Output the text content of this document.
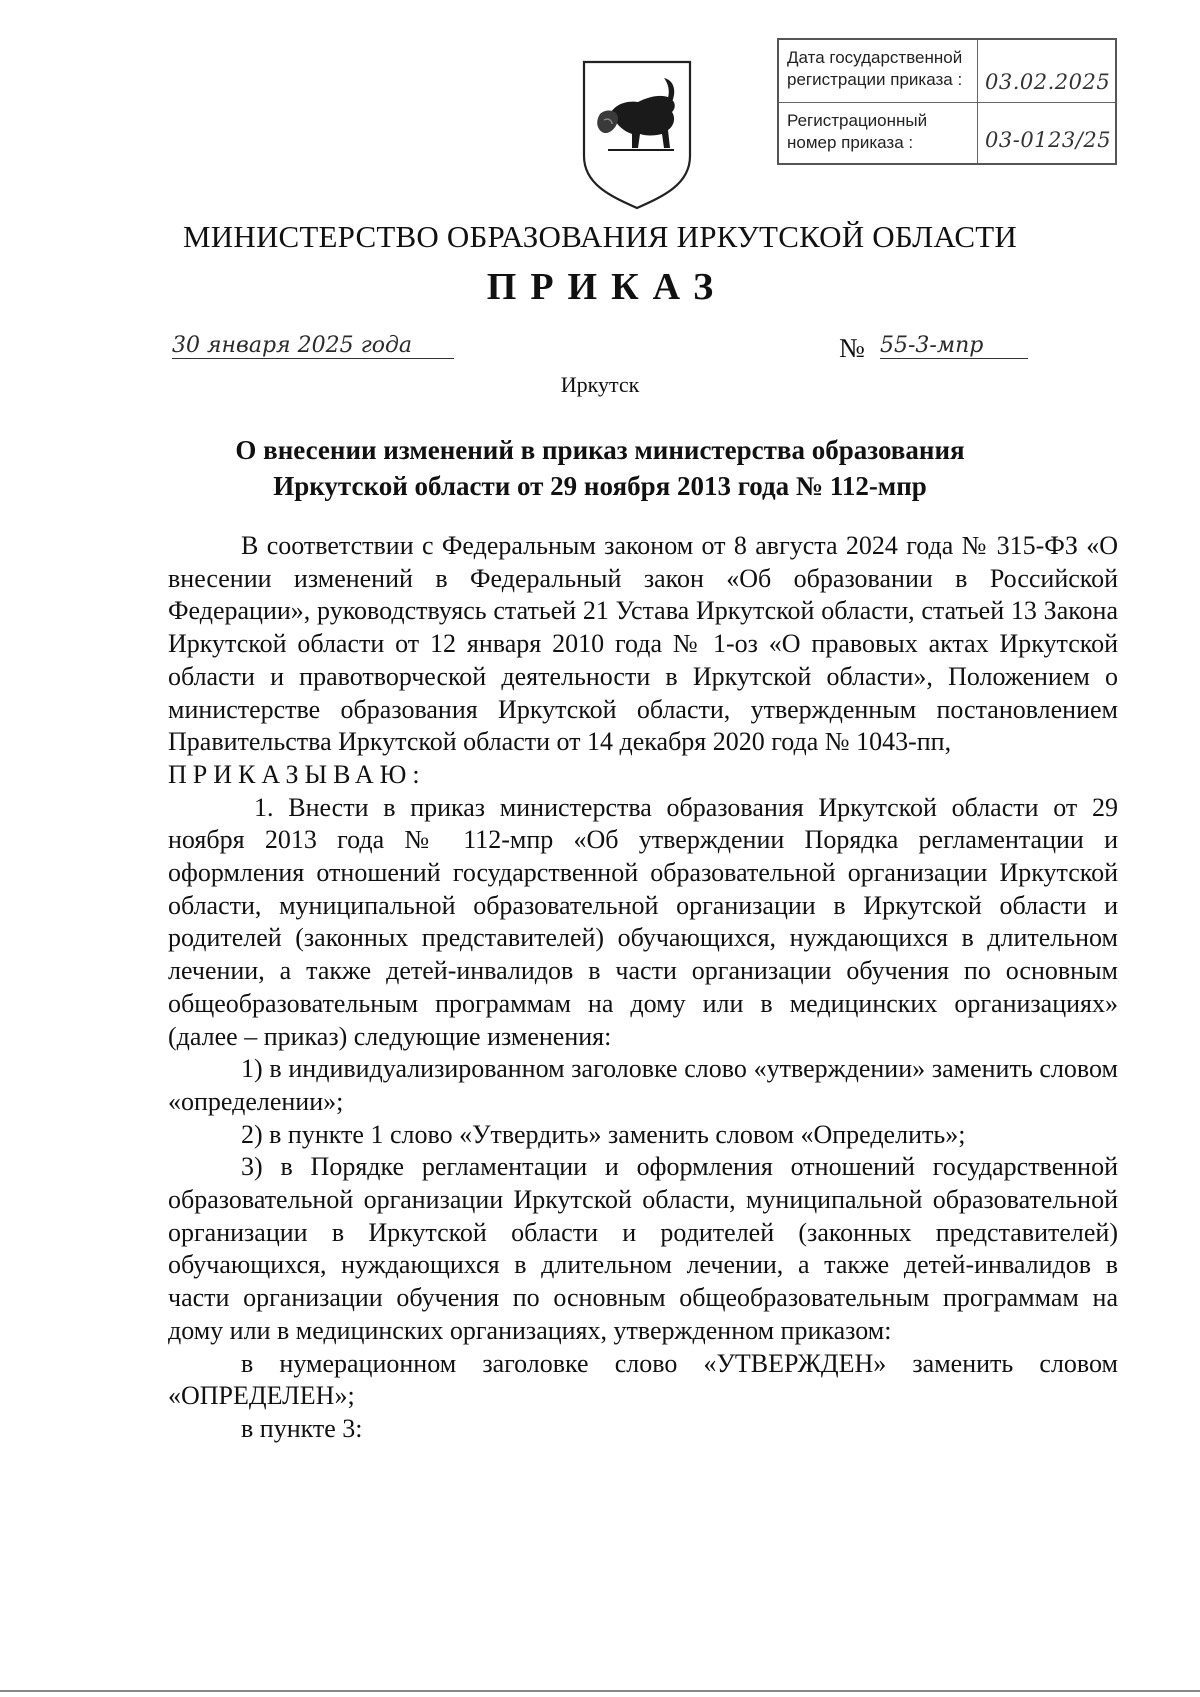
Дата государственной регистрации приказа :
Регистрационный номер приказа :
03.02.2025
03-0123/25
МИНИСТЕРСТВО ОБРАЗОВАНИЯ ИРКУТСКОЙ ОБЛАСТИ
ПРИКАЗ
30 января 2025 года	№ 55-3-мпр
Иркутск
О внесении изменений в приказ министерства образования Иркутской области от 29 ноября 2013 года № 112-мпр

В соответствии с Федеральным законом от 8 августа 2024 года № 315-ФЗ «О внесении изменений в Федеральный закон «Об образовании в Российской Федерации», руководствуясь статьей 21 Устава Иркутской области, статьей 13 Закона Иркутской области от 12 января 2010 года № 1-оз «О правовых актах Иркутской области и правотворческой деятельности в Иркутской области», Положением о министерстве образования Иркутской области, утвержденным постановлением Правительства Иркутской области от 14 декабря 2020 года № 1043-пп,

ПРИКАЗЫВАЮ:

1. Внести в приказ министерства образования Иркутской области от 29 ноября 2013 года № 112-мпр «Об утверждении Порядка регламентации и оформления отношений государственной образовательной организации Иркутской области, муниципальной образовательной организации в Иркутской области и родителей (законных представителей) обучающихся, нуждающихся в длительном лечении, а также детей-инвалидов в части организации обучения по основным общеобразовательным программам на дому или в медицинских организациях» (далее – приказ) следующие изменения:

1) в индивидуализированном заголовке слово «утверждении» заменить словом «определении»;

2) в пункте 1 слово «Утвердить» заменить словом «Определить»;

3) в Порядке регламентации и оформления отношений государственной образовательной организации Иркутской области, муниципальной образовательной организации в Иркутской области и родителей (законных представителей) обучающихся, нуждающихся в длительном лечении, а также детей-инвалидов в части организации обучения по основным общеобразовательным программам на дому или в медицинских организациях, утвержденном приказом:

в нумерационном заголовке слово «УТВЕРЖДЕН» заменить словом «ОПРЕДЕЛЕН»;

в пункте 3:
